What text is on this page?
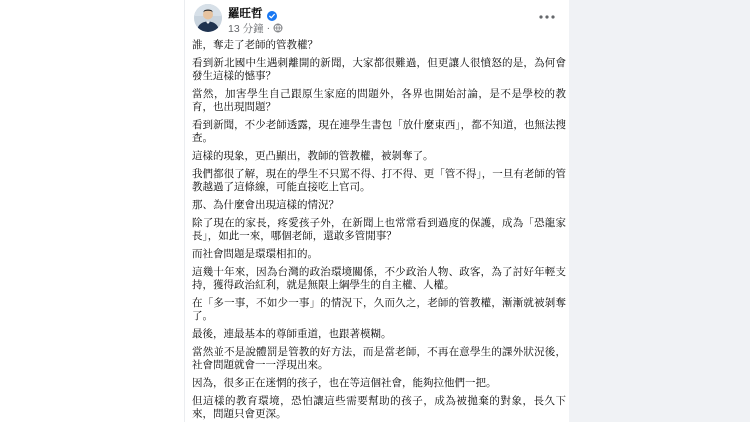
羅旺哲
13 分鐘 ·

誰，奪走了老師的管教權？

看到新北國中生遇刺離開的新聞，大家都很難過，但更讓人很憤怒的是，為何會發生這樣的憾事？

當然，加害學生自己跟原生家庭的問題外，各界也開始討論，是不是學校的教育，也出現問題？

看到新聞，不少老師透露，現在連學生書包「放什麼東西」，都不知道，也無法搜查。

這樣的現象，更凸顯出，教師的管教權，被剝奪了。

我們都很了解，現在的學生不只罵不得、打不得、更「管不得」，一旦有老師的管教越過了這條線，可能直接吃上官司。

那、為什麼會出現這樣的情況？

除了現在的家長，疼愛孩子外，在新聞上也常常看到過度的保護，成為「恐龍家長」，如此一來，哪個老師，還敢多管閒事？

而社會問題是環環相扣的。

這幾十年來，因為台灣的政治環境關係，不少政治人物、政客，為了討好年輕支持，獲得政治紅利，就是無限上綱學生的自主權、人權。

在「多一事，不如少一事」的情況下，久而久之，老師的管教權，漸漸就被剝奪了。

最後，連最基本的尊師重道，也跟著模糊。

當然並不是說體罰是管教的好方法，而是當老師，不再在意學生的課外狀況後，社會問題就會一一浮現出來。

因為，很多正在迷惘的孩子，也在等這個社會，能夠拉他們一把。

但這樣的教育環境，恐怕讓這些需要幫助的孩子，成為被拋棄的對象，長久下來，問題只會更深。
